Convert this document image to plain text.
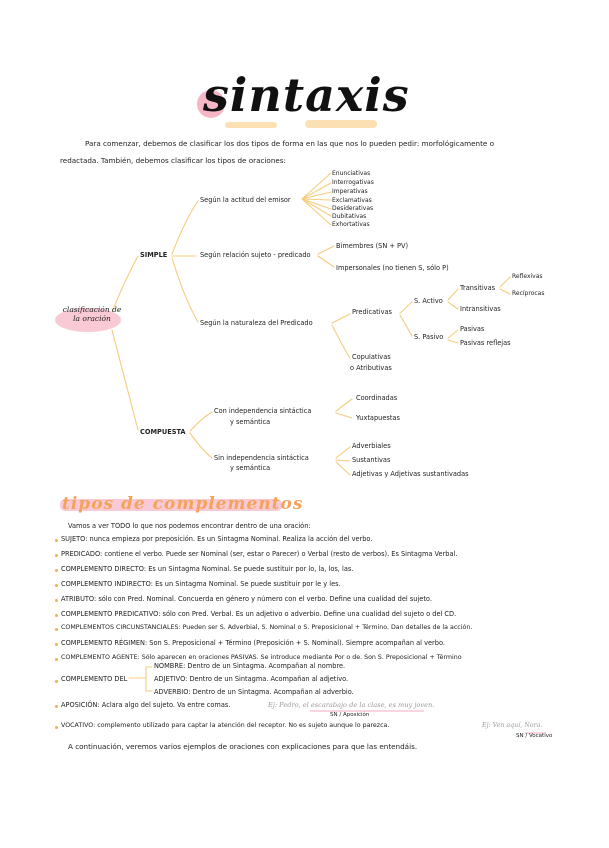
sintaxis
Para comenzar, debemos de clasificar los dos tipos de forma en las que nos lo pueden pedir: morfológicamente o
redactada. También, debemos clasificar los tipos de oraciones:
clasificación de la oración
SIMPLE
COMPUESTA
Según la actitud del emisor
Enunciativas
Interrogativas
Imperativas
Exclamativas
Desiderativas
Dubitativas
Exhortativas
Según relación sujeto - predicado
Bimembres (SN + PV)
Impersonales (no tienen S, sólo P)
Según la naturaleza del Predicado
Predicativas
S. Activo
Transitivas
Reflexivas
Recíprocas
Intransitivas
S. Pasivo
Pasivas
Pasivas reflejas
Copulativas
o Atributivas
Con independencia sintáctica
y semántica
Coordinadas
Yuxtapuestas
Sin independencia sintáctica
y semántica
Adverbiales
Sustantivas
Adjetivas y Adjetivas sustantivadas
tipos de complementos
Vamos a ver TODO lo que nos podemos encontrar dentro de una oración:
SUJETO: nunca empieza por preposición. Es un Sintagma Nominal. Realiza la acción del verbo.
PREDICADO: contiene el verbo. Puede ser Nominal (ser, estar o Parecer) o Verbal (resto de verbos). Es Sintagma Verbal.
COMPLEMENTO DIRECTO: Es un Sintagma Nominal. Se puede sustituir por lo, la, los, las.
COMPLEMENTO INDIRECTO: Es un Sintagma Nominal. Se puede sustituir por le y les.
ATRIBUTO: sólo con Pred. Nominal. Concuerda en género y número con el verbo. Define una cualidad del sujeto.
COMPLEMENTO PREDICATIVO: sólo con Pred. Verbal. Es un adjetivo o adverbio. Define una cualidad del sujeto o del CD.
COMPLEMENTOS CIRCUNSTANCIALES: Pueden ser S. Adverbial, S. Nominal o S. Preposicional + Término. Dan detalles de la acción.
COMPLEMENTO RÉGIMEN: Son S. Preposicional + Término (Preposición + S. Nominal). Siempre acompañan al verbo.
COMPLEMENTO AGENTE: Sólo aparecen en oraciones PASIVAS. Se introduce mediante Por o de. Son S. Preposicional + Término
COMPLEMENTO DEL
NOMBRE: Dentro de un Sintagma. Acompañan al nombre.
ADJETIVO: Dentro de un Sintagma. Acompañan al adjetivo.
ADVERBIO: Dentro de un Sintagma. Acompañan al adverbio.
APOSICIÓN: Aclara algo del sujeto. Va entre comas.	Ej: Pedro, el escarabajo de la clase, es muy joven.
SN / Aposición
VOCATIVO: complemento utilizado para captar la atención del receptor. No es sujeto aunque lo parezca.	Ej: Ven aquí, Nora.
SN / Vocativo
A continuación, veremos varios ejemplos de oraciones con explicaciones para que las entendáis.
